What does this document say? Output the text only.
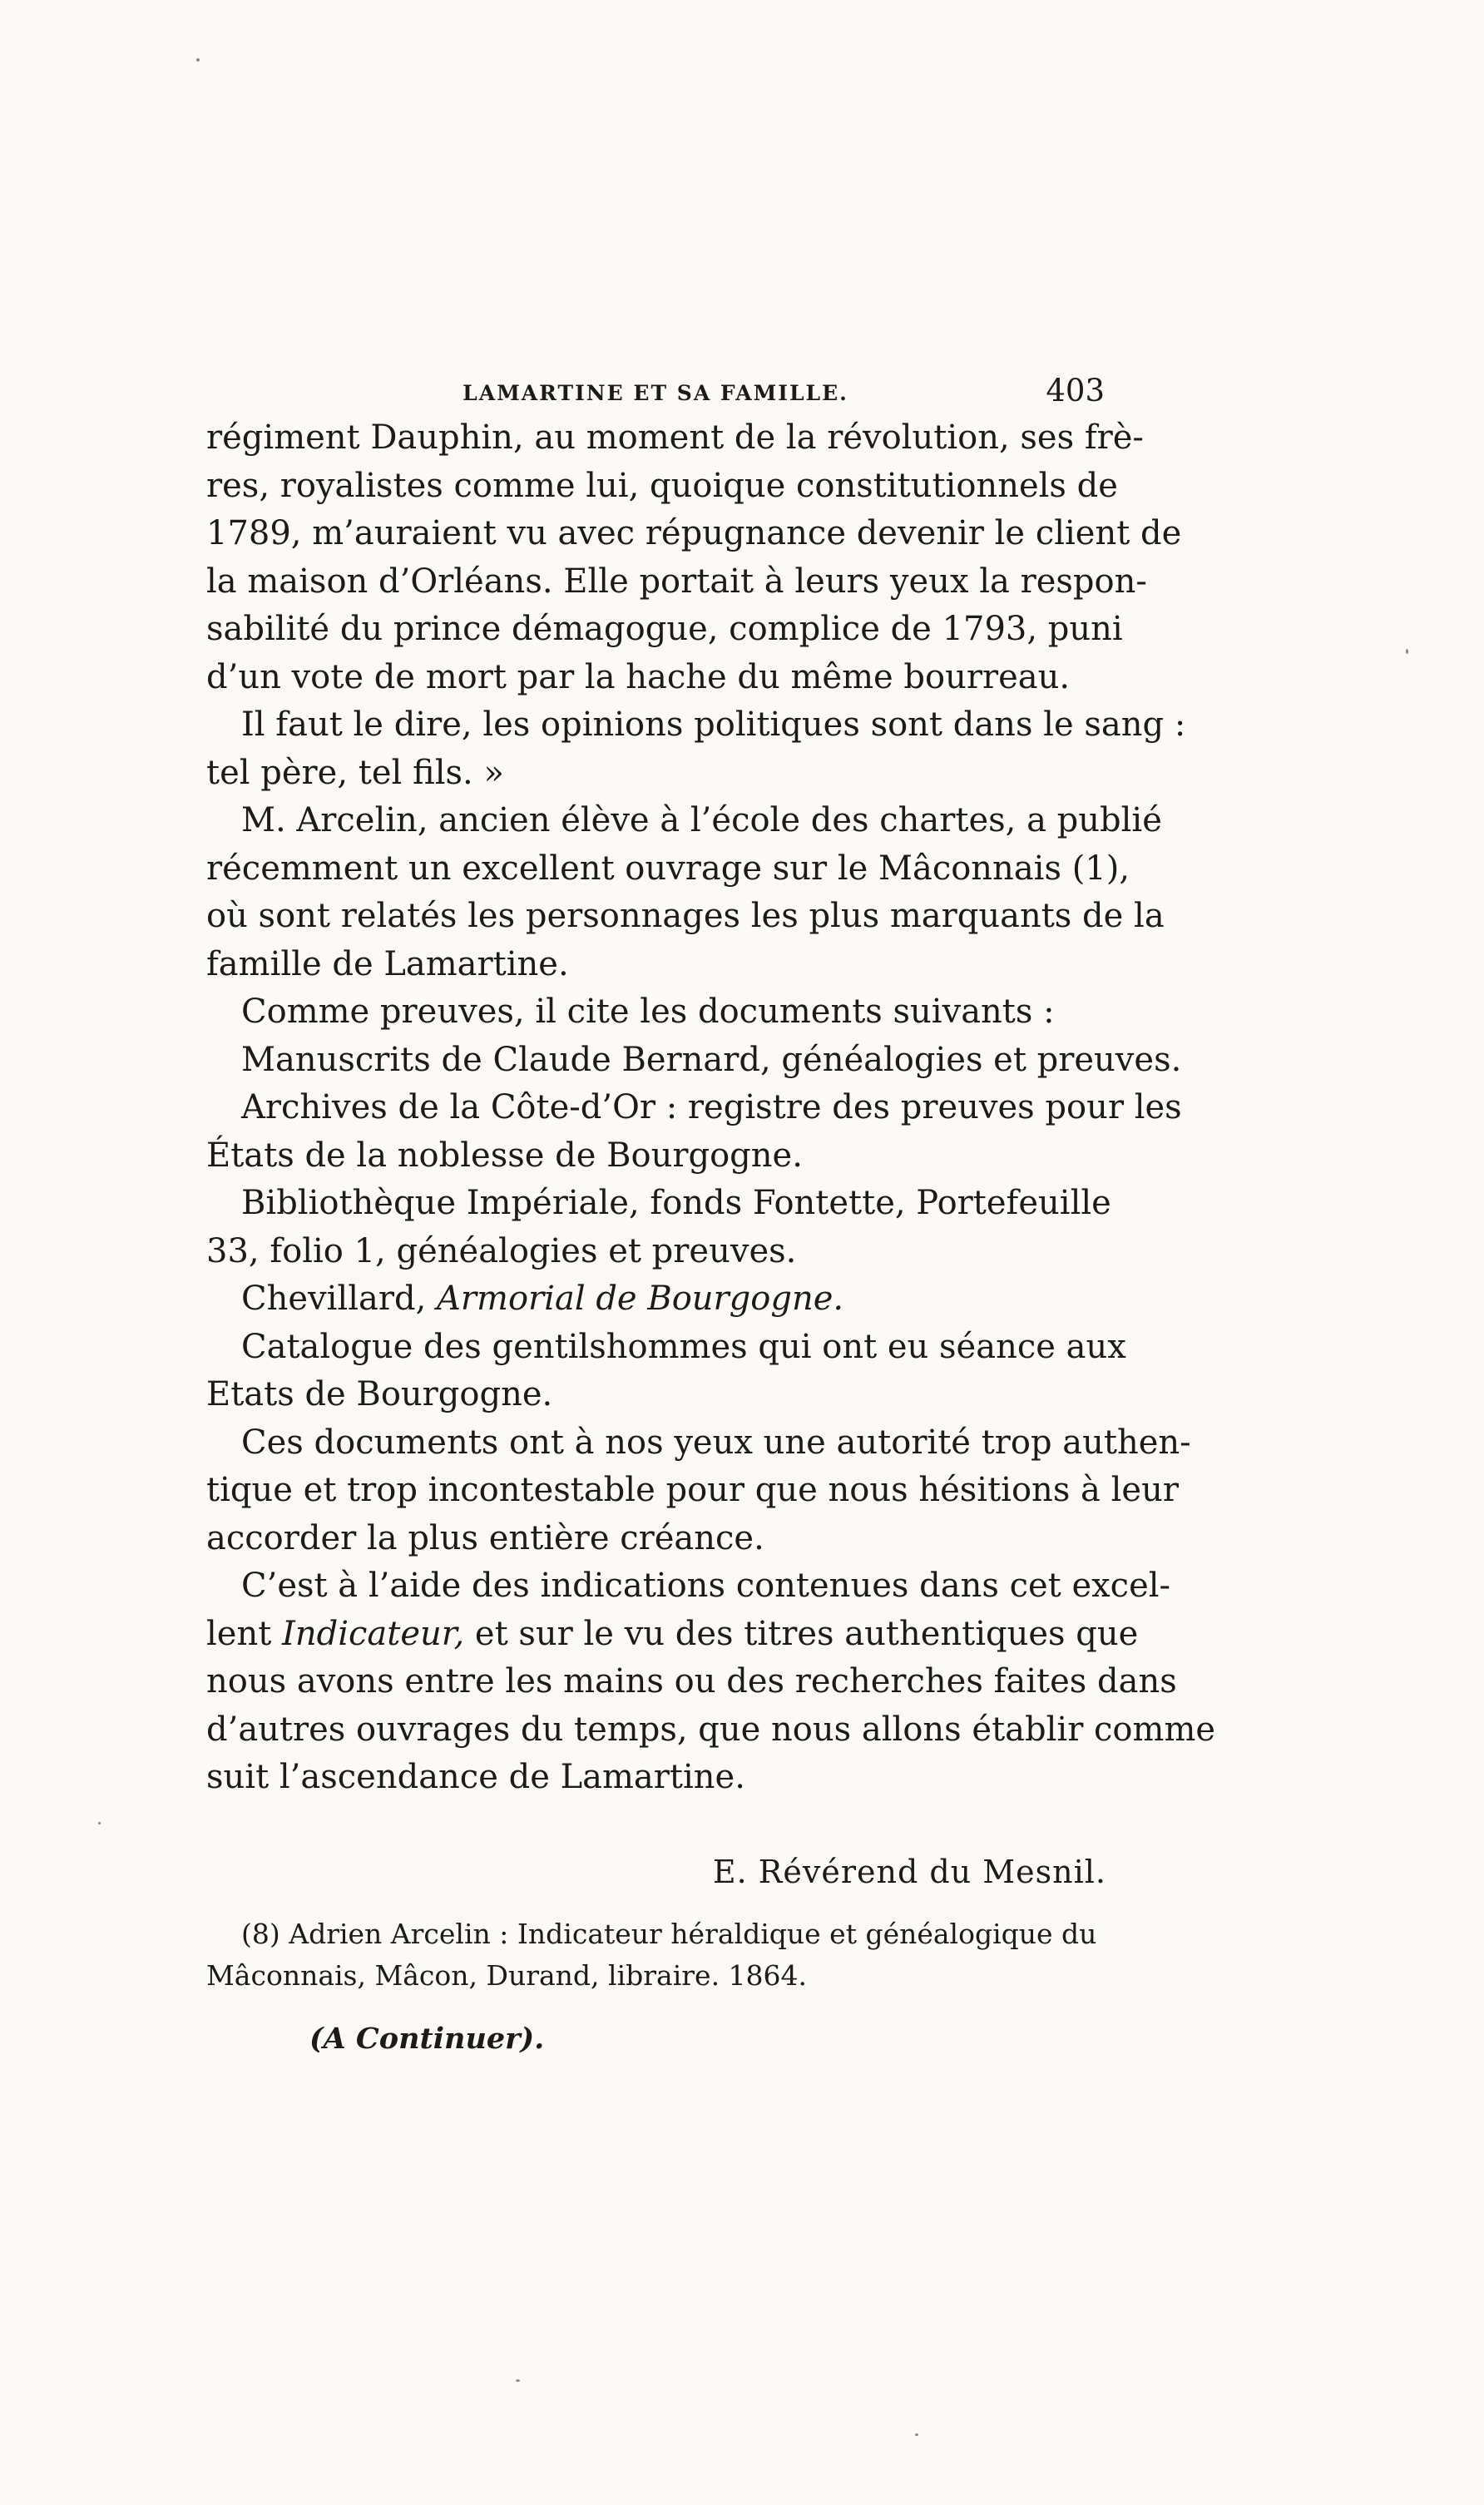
LAMARTINE ET SA FAMILLE.	403
régiment Dauphin, au moment de la révolution, ses frè-
res, royalistes comme lui, quoique constitutionnels de
1789, m’auraient vu avec répugnance devenir le client de
la maison d’Orléans. Elle portait à leurs yeux la respon-
sabilité du prince démagogue, complice de 1793, puni
d’un vote de mort par la hache du même bourreau.
Il faut le dire, les opinions politiques sont dans le sang :
tel père, tel fils. »
M. Arcelin, ancien élève à l’école des chartes, a publié
récemment un excellent ouvrage sur le Mâconnais (1),
où sont relatés les personnages les plus marquants de la
famille de Lamartine.
Comme preuves, il cite les documents suivants :
Manuscrits de Claude Bernard, généalogies et preuves.
Archives de la Côte-d’Or : registre des preuves pour les
États de la noblesse de Bourgogne.
Bibliothèque Impériale, fonds Fontette, Portefeuille
33, folio 1, généalogies et preuves.
Chevillard,
Armorial de Bourgogne.
Catalogue des gentilshommes qui ont eu séance aux
Etats de Bourgogne.
Ces documents ont à nos yeux une autorité trop authen-
tique et trop incontestable pour que nous hésitions à leur
accorder la plus entière créance.
C’est à l’aide des indications contenues dans cet excel-
lent
Indicateur,
et sur le vu des titres authentiques que
nous avons entre les mains ou des recherches faites dans
d’autres ouvrages du temps, que nous allons établir comme
suit l’ascendance de Lamartine.
E. Révérend du Mesnil.
(8) Adrien Arcelin : Indicateur héraldique et généalogique du
Mâconnais, Mâcon, Durand, libraire. 1864.
(A Continuer).
